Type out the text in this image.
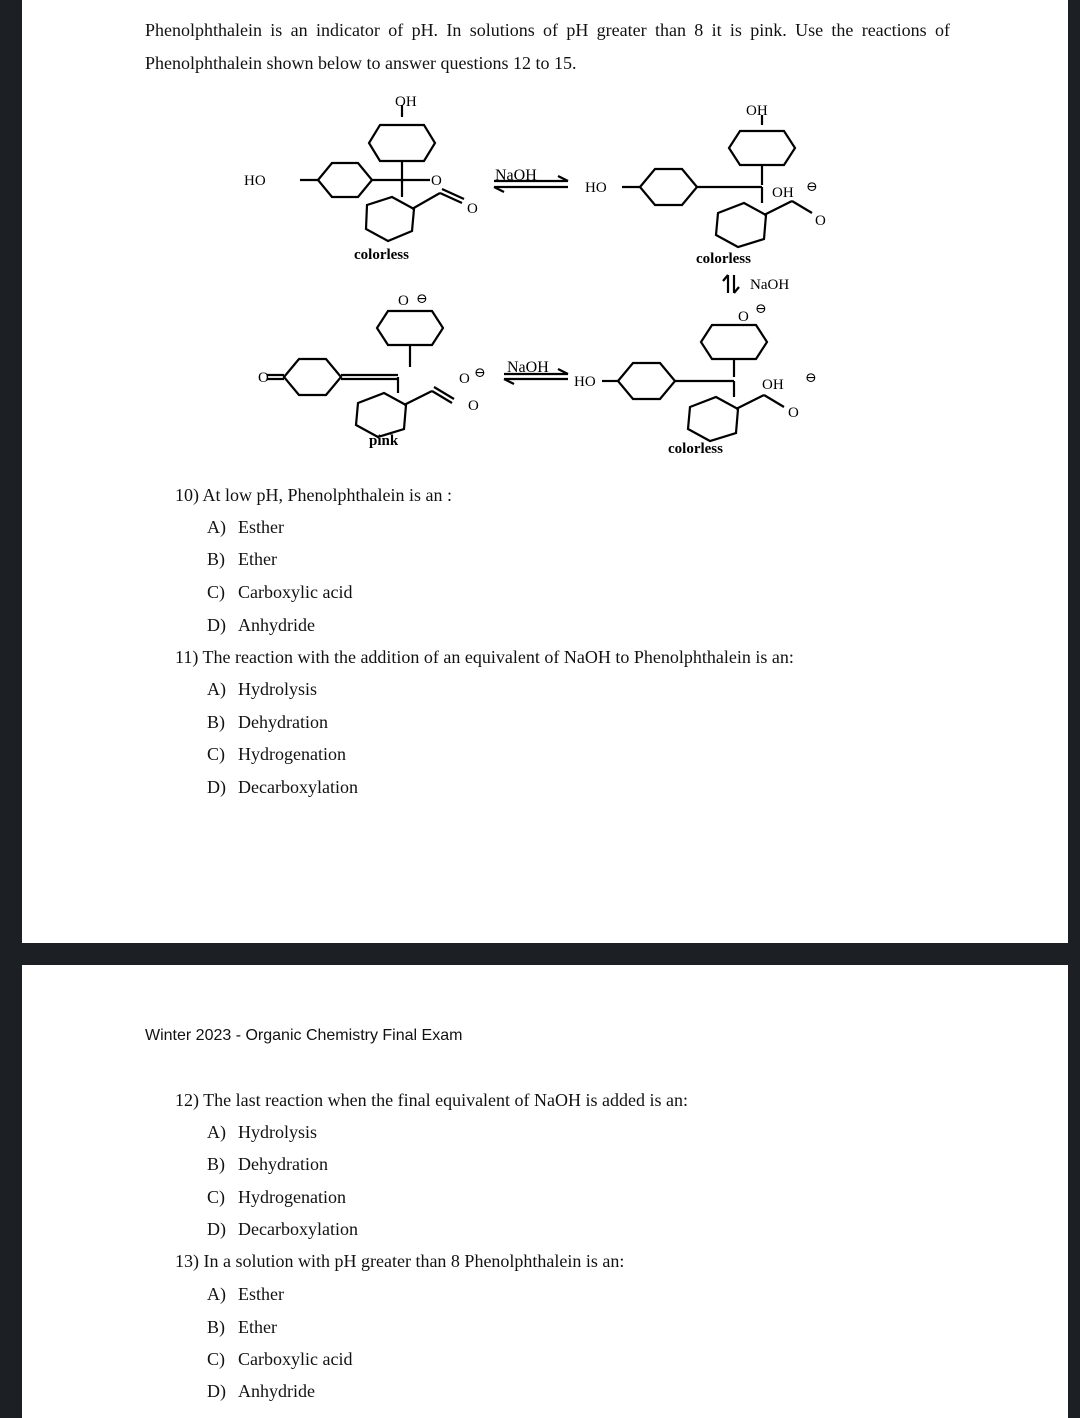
Phenolphthalein is an indicator of pH. In solutions of pH greater than 8 it is pink. Use the reactions of
Phenolphthalein shown below to answer questions 12 to 15.
OH
HO	O
O
colorless
NaOH
OH
HO	OH
O
⊖
colorless
NaOH
O ⊖
HO	OH ⊖
O
colorless
O ⊖
O	O ⊖
O
pink
NaOH
10) At low pH, Phenolphthalein is an :
A) Esther
B) Ether
C) Carboxylic acid
D) Anhydride
11) The reaction with the addition of an equivalent of NaOH to Phenolphthalein is an:
A) Hydrolysis
B) Dehydration
C) Hydrogenation
D) Decarboxylation
Winter 2023 - Organic Chemistry Final Exam
12) The last reaction when the final equivalent of NaOH is added is an:
A) Hydrolysis
B) Dehydration
C) Hydrogenation
D) Decarboxylation
13) In a solution with pH greater than 8 Phenolphthalein is an:
A) Esther
B) Ether
C) Carboxylic acid
D) Anhydride
